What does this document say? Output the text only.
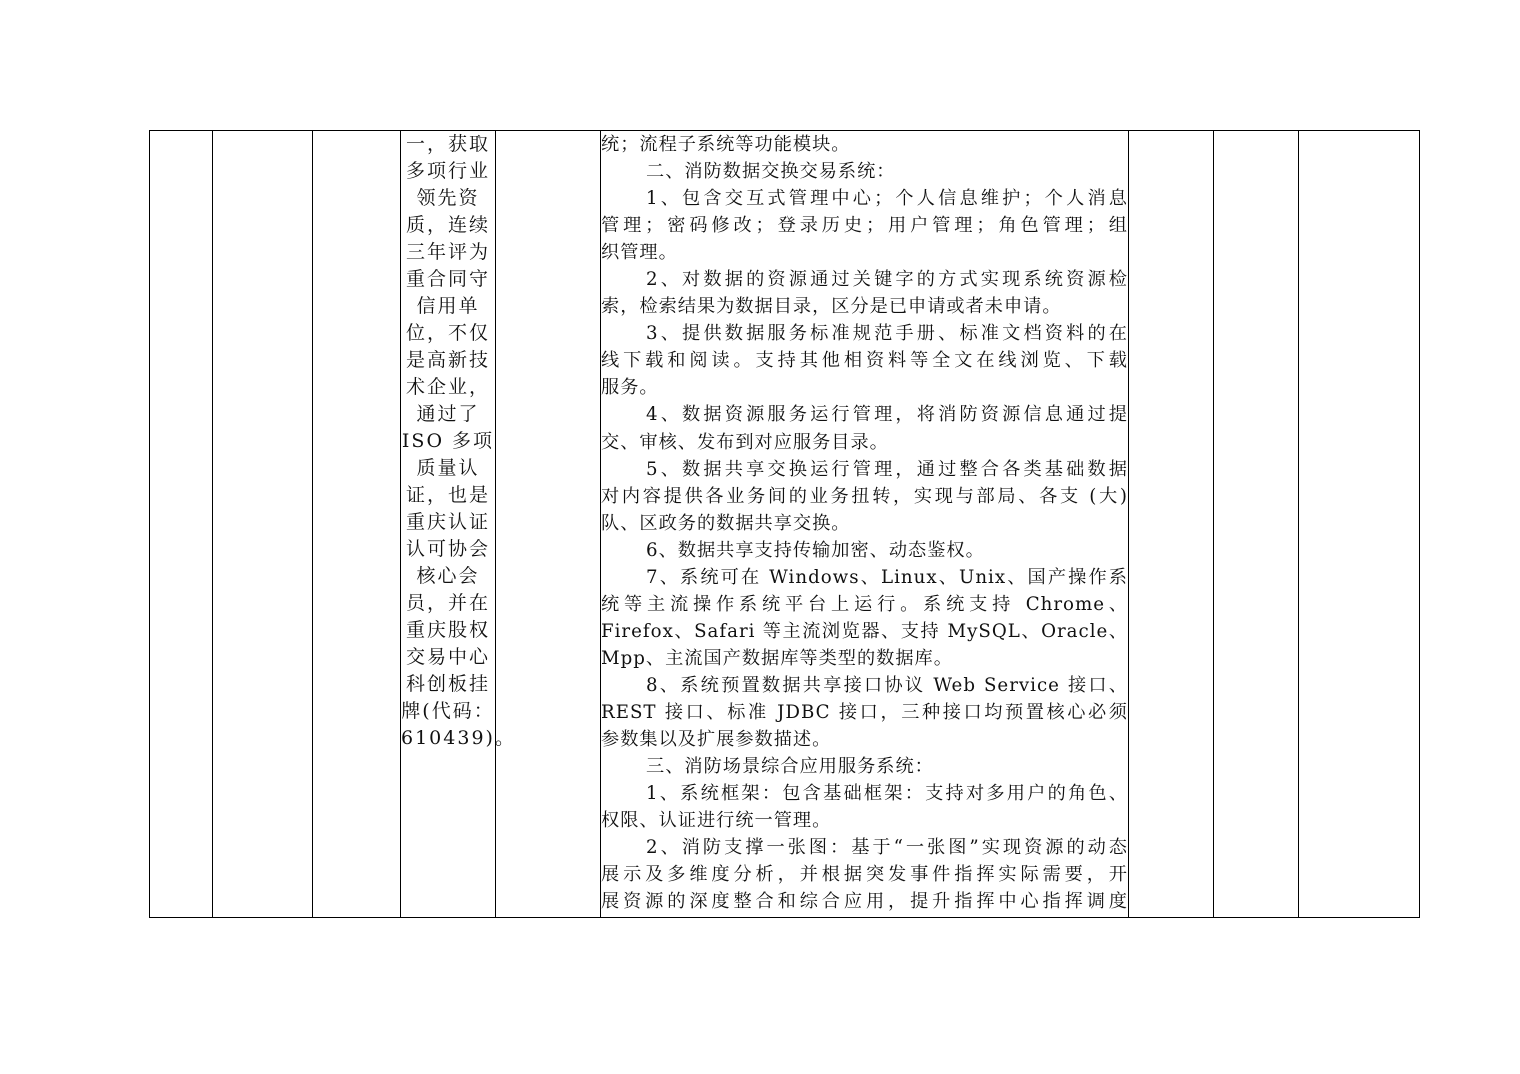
一，获取
多项行业
领先资
质，连续
三年评为
重合同守
信用单
位，不仅
是高新技
术企业，
通过了
ISO 多项
质量认
证，也是
重庆认证
认可协会
核心会
员，并在
重庆股权
交易中心
科创板挂
牌(代码：
610439)。

统；流程子系统等功能模块。
二、消防数据交换交易系统：
1、包含交互式管理中心；个人信息维护；个人消息
管理；密码修改；登录历史；用户管理；角色管理；组
织管理。
2、对数据的资源通过关键字的方式实现系统资源检
索，检索结果为数据目录，区分是已申请或者未申请。
3、提供数据服务标准规范手册、标准文档资料的在
线下载和阅读。支持其他相资料等全文在线浏览、下载
服务。
4、数据资源服务运行管理，将消防资源信息通过提
交、审核、发布到对应服务目录。
5、数据共享交换运行管理，通过整合各类基础数据
对内容提供各业务间的业务扭转，实现与部局、各支 (大)
队、区政务的数据共享交换。
6、数据共享支持传输加密、动态鉴权。
7、系统可在 Windows、Linux、Unix、国产操作系
统等主流操作系统平台上运行。系统支持 Chrome、
Firefox、Safari 等主流浏览器、支持 MySQL、Oracle、
Mpp、主流国产数据库等类型的数据库。
8、系统预置数据共享接口协议 Web Service 接口、
REST 接口、标准 JDBC 接口，三种接口均预置核心必须
参数集以及扩展参数描述。
三、消防场景综合应用服务系统：
1、系统框架：包含基础框架：支持对多用户的角色、
权限、认证进行统一管理。
2、消防支撑一张图：基于“一张图”实现资源的动态
展示及多维度分析，并根据突发事件指挥实际需要，开
展资源的深度整合和综合应用，提升指挥中心指挥调度
